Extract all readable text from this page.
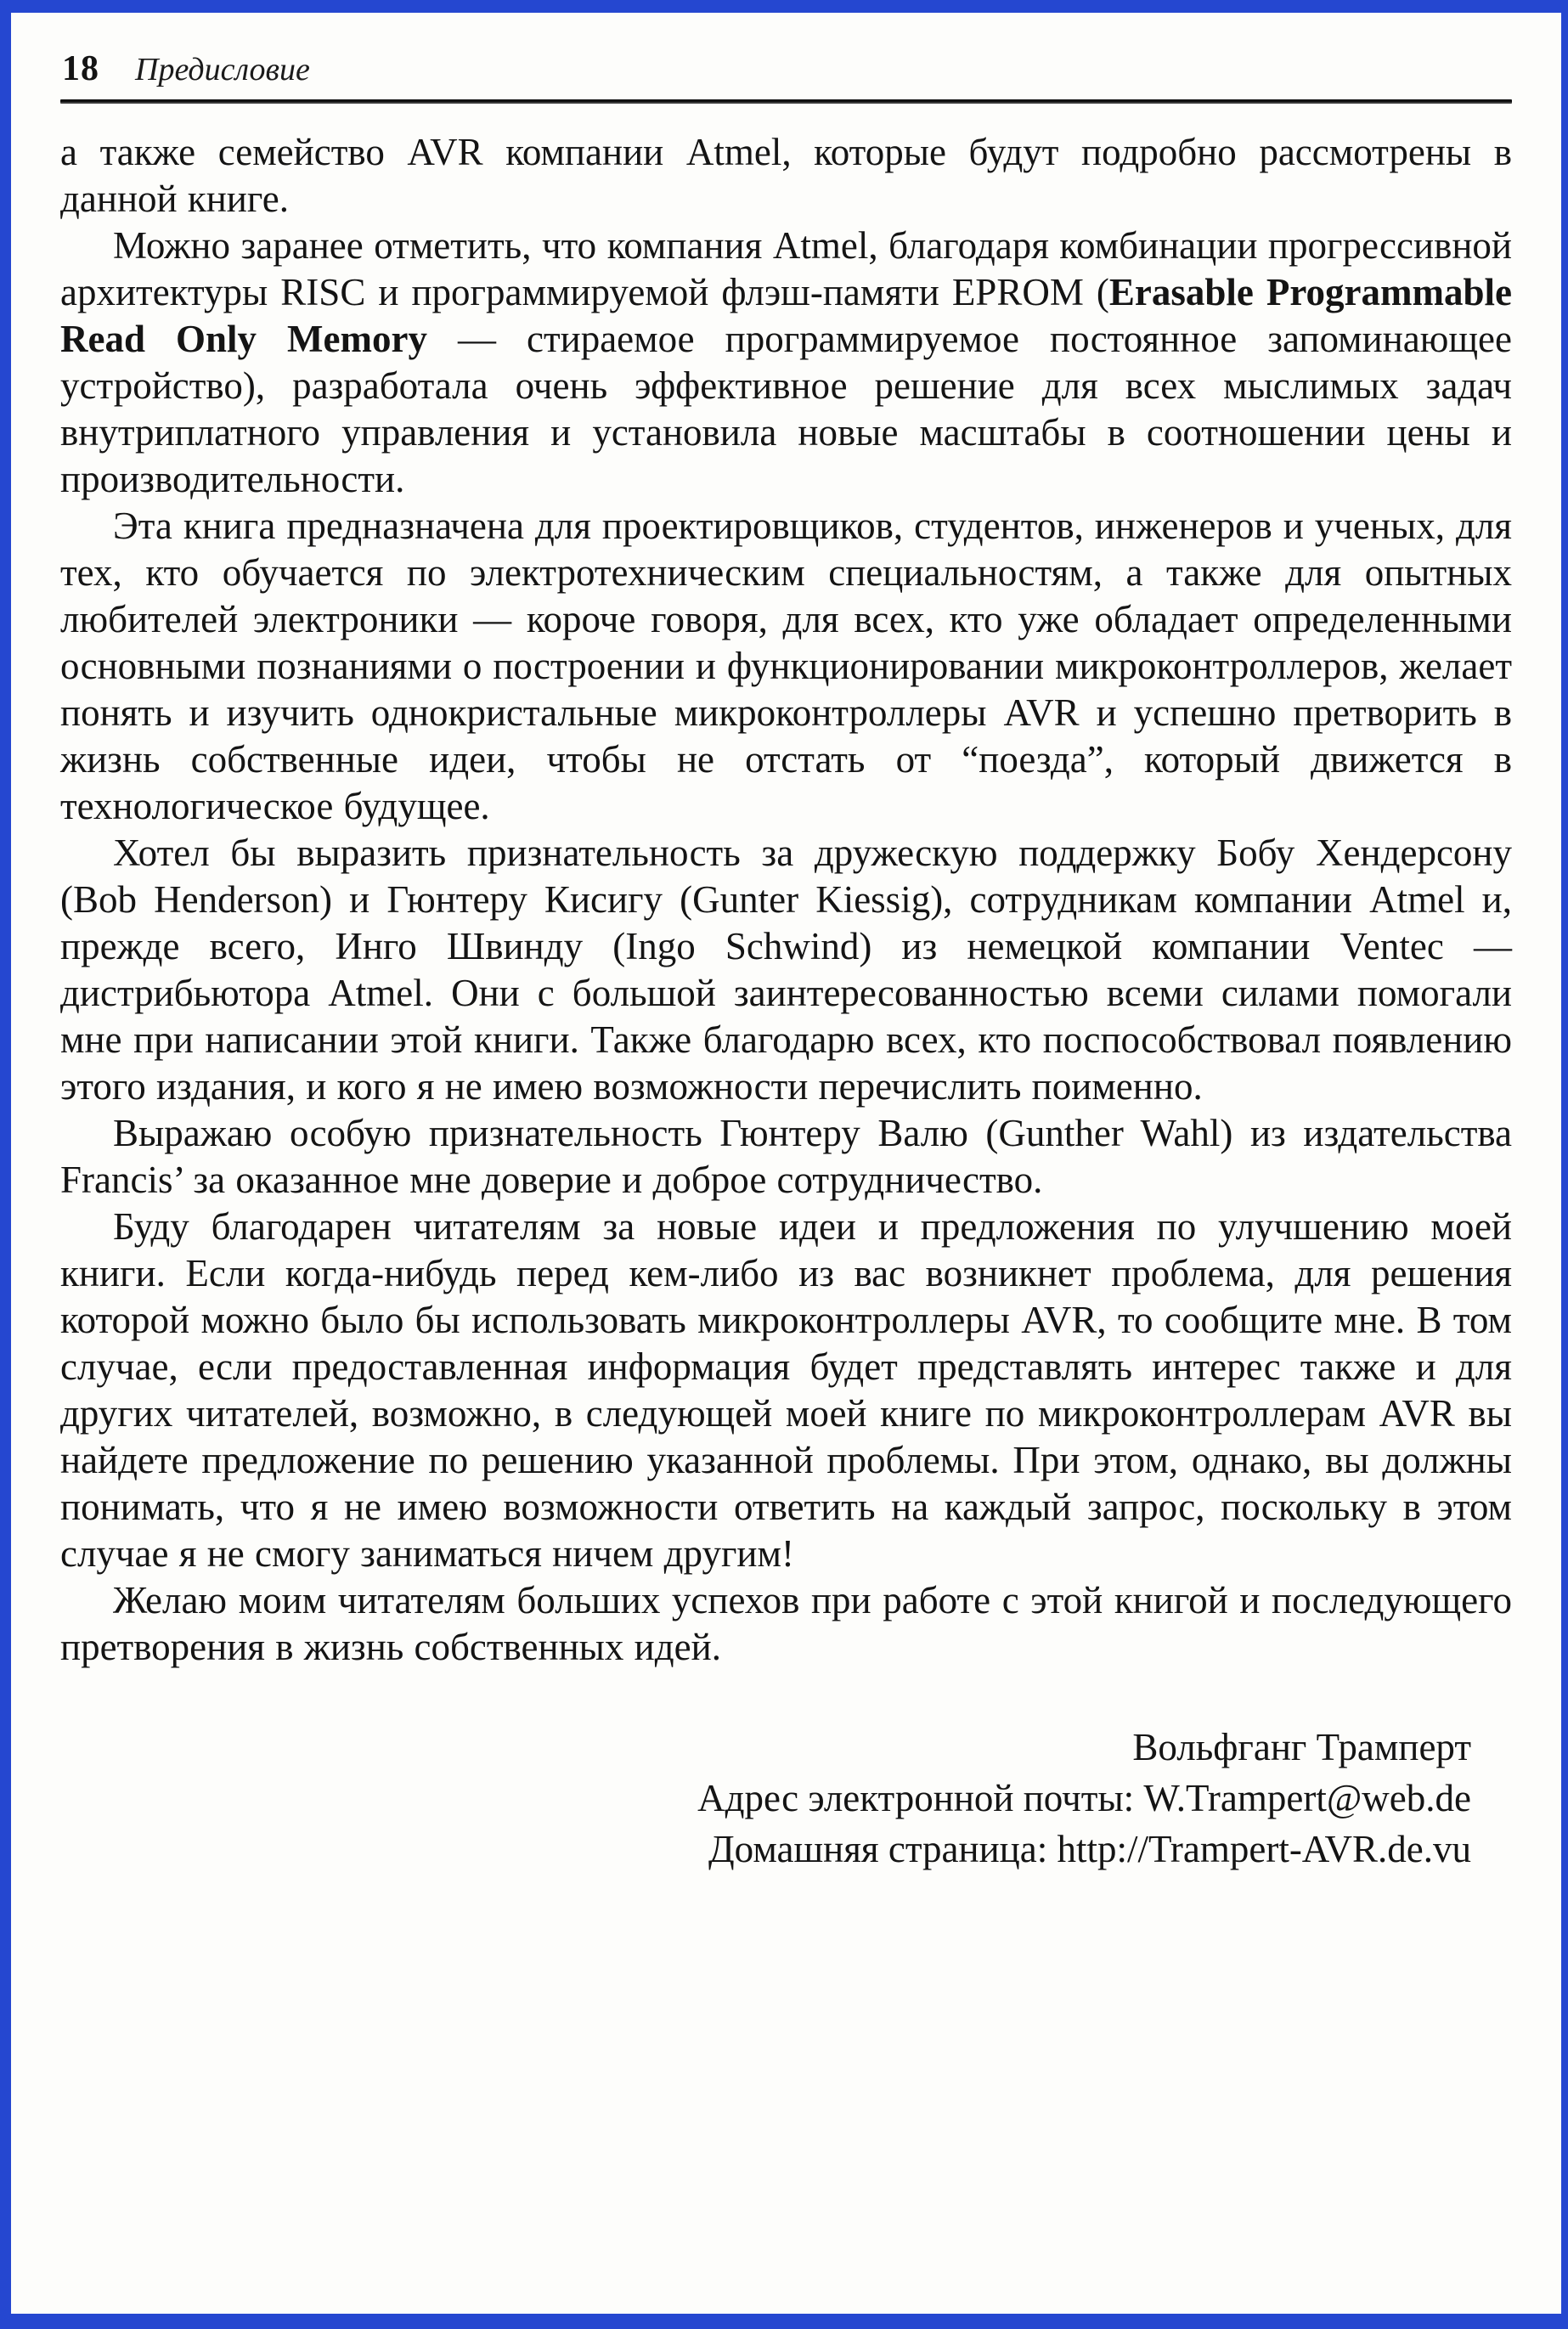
18 Предисловие

а также семейство AVR компании Atmel, которые будут подробно рассмотрены в данной книге.

Можно заранее отметить, что компания Atmel, благодаря комбинации прогрессивной архитектуры RISC и программируемой флэш-памяти EPROM (Erasable Programmable Read Only Memory — стираемое программируемое постоянное запоминающее устройство), разработала очень эффективное решение для всех мыслимых задач внутриплатного управления и установила новые масштабы в соотношении цены и производительности.

Эта книга предназначена для проектировщиков, студентов, инженеров и ученых, для тех, кто обучается по электротехническим специальностям, а также для опытных любителей электроники — короче говоря, для всех, кто уже обладает определенными основными познаниями о построении и функционировании микроконтроллеров, желает понять и изучить однокристальные микроконтроллеры AVR и успешно претворить в жизнь собственные идеи, чтобы не отстать от “поезда”, который движется в технологическое будущее.

Хотел бы выразить признательность за дружескую поддержку Бобу Хендерсону (Bob Henderson) и Гюнтеру Кисигу (Gunter Kiessig), сотрудникам компании Atmel и, прежде всего, Инго Швинду (Ingo Schwind) из немецкой компании Ventec — дистрибьютора Atmel. Они с большой заинтересованностью всеми силами помогали мне при написании этой книги. Также благодарю всех, кто поспособствовал появлению этого издания, и кого я не имею возможности перечислить поименно.

Выражаю особую признательность Гюнтеру Валю (Gunther Wahl) из издательства Francis’ за оказанное мне доверие и доброе сотрудничество.

Буду благодарен читателям за новые идеи и предложения по улучшению моей книги. Если когда-нибудь перед кем-либо из вас возникнет проблема, для решения которой можно было бы использовать микроконтроллеры AVR, то сообщите мне. В том случае, если предоставленная информация будет представлять интерес также и для других читателей, возможно, в следующей моей книге по микроконтроллерам AVR вы найдете предложение по решению указанной проблемы. При этом, однако, вы должны понимать, что я не имею возможности ответить на каждый запрос, поскольку в этом случае я не смогу заниматься ничем другим!

Желаю моим читателям больших успехов при работе с этой книгой и последующего претворения в жизнь собственных идей.

Вольфганг Трамперт
Адрес электронной почты: W.Trampert@web.de
Домашняя страница: http://Trampert-AVR.de.vu
